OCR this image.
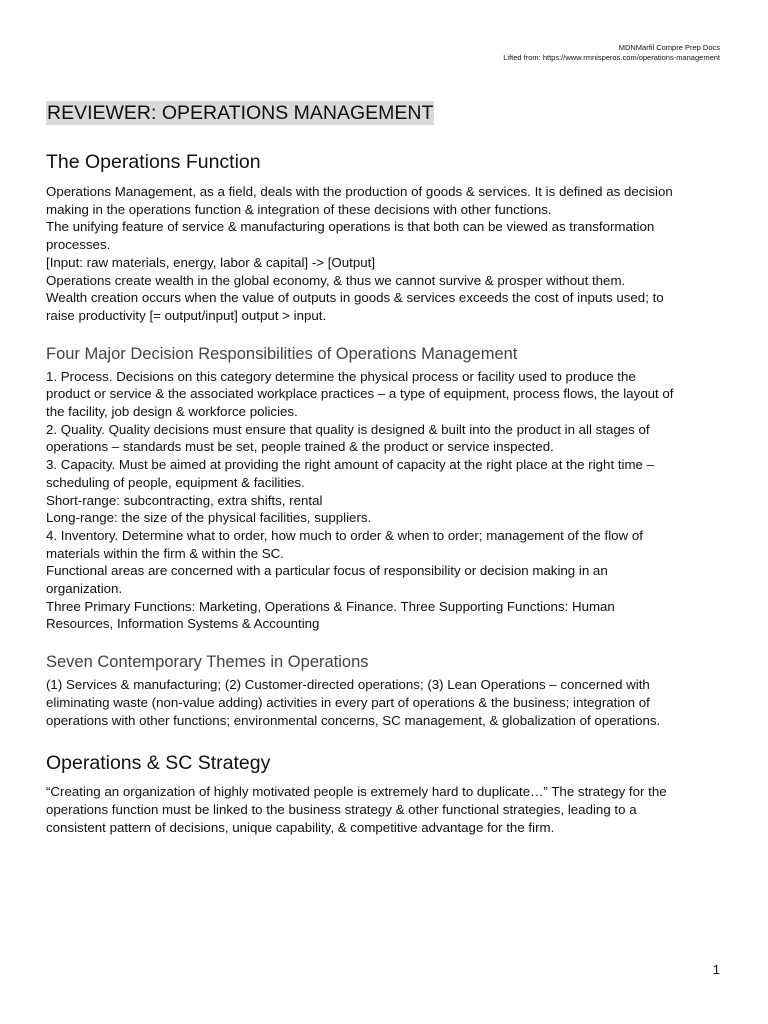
MDNMarfil Compre Prep Docs
Lifted from: https://www.rmnisperos.com/operations-management
REVIEWER: OPERATIONS MANAGEMENT
The Operations Function

Operations Management, as a field, deals with the production of goods & services. It is defined as decision
making in the operations function & integration of these decisions with other functions.
The unifying feature of service & manufacturing operations is that both can be viewed as transformation
processes.
[Input: raw materials, energy, labor & capital] -> [Output]
Operations create wealth in the global economy, & thus we cannot survive & prosper without them.
Wealth creation occurs when the value of outputs in goods & services exceeds the cost of inputs used; to
raise productivity [= output/input] output > input.

Four Major Decision Responsibilities of Operations Management

1. Process. Decisions on this category determine the physical process or facility used to produce the
product or service & the associated workplace practices – a type of equipment, process flows, the layout of
the facility, job design & workforce policies.
2. Quality. Quality decisions must ensure that quality is designed & built into the product in all stages of
operations – standards must be set, people trained & the product or service inspected.
3. Capacity. Must be aimed at providing the right amount of capacity at the right place at the right time –
scheduling of people, equipment & facilities.
Short-range: subcontracting, extra shifts, rental
Long-range: the size of the physical facilities, suppliers.
4. Inventory. Determine what to order, how much to order & when to order; management of the flow of
materials within the firm & within the SC.
Functional areas are concerned with a particular focus of responsibility or decision making in an
organization.
Three Primary Functions: Marketing, Operations & Finance. Three Supporting Functions: Human
Resources, Information Systems & Accounting

Seven Contemporary Themes in Operations

(1) Services & manufacturing; (2) Customer-directed operations; (3) Lean Operations – concerned with
eliminating waste (non-value adding) activities in every part of operations & the business; integration of
operations with other functions; environmental concerns, SC management, & globalization of operations.

Operations & SC Strategy

“Creating an organization of highly motivated people is extremely hard to duplicate…” The strategy for the
operations function must be linked to the business strategy & other functional strategies, leading to a
consistent pattern of decisions, unique capability, & competitive advantage for the firm.

1
